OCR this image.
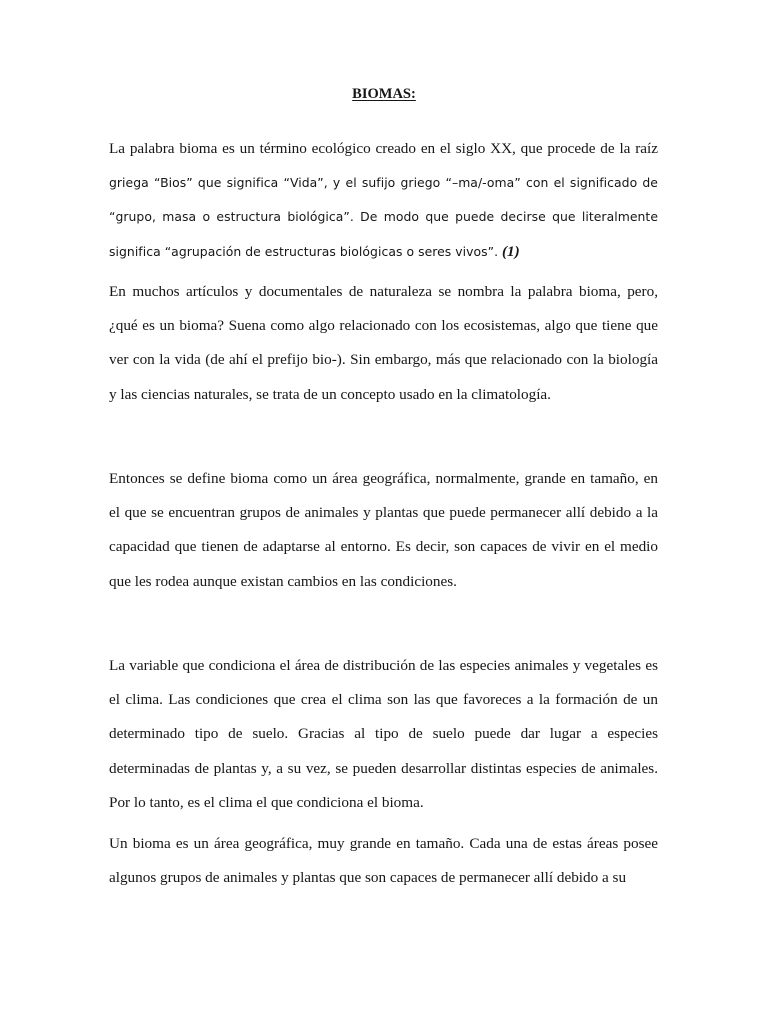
BIOMAS:

La palabra bioma es un término ecológico creado en el siglo XX, que procede de la raíz griega “Bios” que significa “Vida”, y el sufijo griego “–ma/-oma” con el significado de “grupo, masa o estructura biológica”. De modo que puede decirse que literalmente significa “agrupación de estructuras biológicas o seres vivos”. (1)

En muchos artículos y documentales de naturaleza se nombra la palabra bioma, pero, ¿qué es un bioma? Suena como algo relacionado con los ecosistemas, algo que tiene que ver con la vida (de ahí el prefijo bio-). Sin embargo, más que relacionado con la biología y las ciencias naturales, se trata de un concepto usado en la climatología.

Entonces se define bioma como un área geográfica, normalmente, grande en tamaño, en el que se encuentran grupos de animales y plantas que puede permanecer allí debido a la capacidad que tienen de adaptarse al entorno. Es decir, son capaces de vivir en el medio que les rodea aunque existan cambios en las condiciones.

La variable que condiciona el área de distribución de las especies animales y vegetales es el clima. Las condiciones que crea el clima son las que favoreces a la formación de un determinado tipo de suelo. Gracias al tipo de suelo puede dar lugar a especies determinadas de plantas y, a su vez, se pueden desarrollar distintas especies de animales. Por lo tanto, es el clima el que condiciona el bioma.

Un bioma es un área geográfica, muy grande en tamaño. Cada una de estas áreas posee algunos grupos de animales y plantas que son capaces de permanecer allí debido a su
